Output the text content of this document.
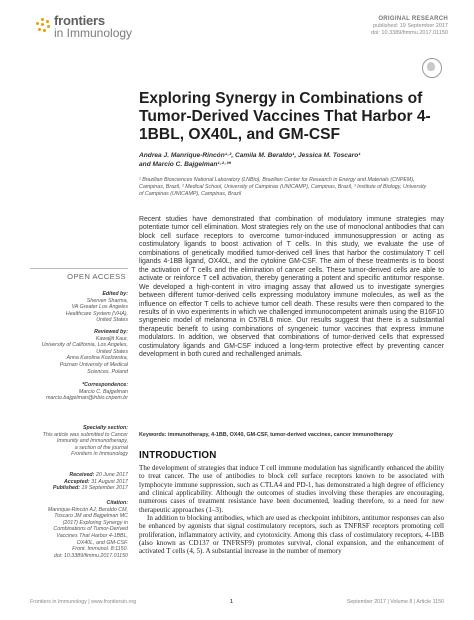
frontiers
in Immunology
ORIGINAL RESEARCH
published: 19 September 2017
doi: 10.3389/fimmu.2017.01150
Exploring Synergy in Combinations of Tumor-Derived Vaccines That Harbor 4-1BBL, OX40L, and GM-CSF
Andrea J. Manrique-Rincón¹·², Camila M. Beraldo¹, Jessica M. Toscaro¹
and Marcio C. Bajgelman¹·²·³*
¹ Brazilian Biosciences National Laboratory (LNBio), Brazilian Center for Research in Energy and Materials (CNPEM),
Campinas, Brazil, ² Medical School, University of Campinas (UNICAMP), Campinas, Brazil, ³ Institute of Biology, University
of Campinas (UNICAMP), Campinas, Brazil
Recent studies have demonstrated that combination of modulatory immune strategies may potentiate tumor cell elimination. Most strategies rely on the use of monoclonal antibodies that can block cell surface receptors to overcome tumor-induced immunosuppression or acting as costimulatory ligands to boost activation of T cells. In this study, we evaluate the use of combinations of genetically modified tumor-derived cell lines that harbor the costimulatory T cell ligands 4-1BB ligand, OX40L, and the cytokine GM-CSF. The aim of these treatments is to boost the activation of T cells and the elimination of cancer cells. These tumor-derived cells are able to activate or reinforce T cell activation, thereby generating a potent and specific antitumor response. We developed a high-content in vitro imaging assay that allowed us to investigate synergies between different tumor-derived cells expressing modulatory immune molecules, as well as the influence on effector T cells to achieve tumor cell death. These results were then compared to the results of in vivo experiments in which we challenged immunocompetent animals using the B16F10 syngeneic model of melanoma in C57BL6 mice. Our results suggest that there is a substantial therapeutic benefit to using combinations of syngeneic tumor vaccines that express immune modulators. In addition, we observed that combinations of tumor-derived cells that expressed costimulatory ligands and GM-CSF induced a long-term protective effect by preventing cancer development in both cured and rechallenged animals.
Keywords: immunotherapy, 4-1BB, OX40, GM-CSF, tumor-derived vaccines, cancer immunotherapy
INTRODUCTION

The development of strategies that induce T cell immune modulation has significantly enhanced the ability to treat cancer. The use of antibodies to block cell surface receptors known to be associated with lymphocyte immune suppression, such as CTLA4 and PD-1, has demonstrated a high degree of efficiency and clinical applicability. Although the outcomes of studies involving these therapies are encouraging, numerous cases of treatment resistance have been documented, leading therefore, to a need for new therapeutic approaches (1–3).

In addition to blocking antibodies, which are used as checkpoint inhibitors, antitumor responses can also be enhanced by agonists that signal costimulatory receptors, such as TNFRSF receptors promoting cell proliferation, inflammatory activity, and cytotoxicity. Among this class of costimulatory receptors, 4-1BB (also known as CD137 or TNFRSF9) promotes survival, clonal expansion, and the enhancement of activated T cells (4, 5). A substantial increase in the number of memory

OPEN ACCESS
Edited by:
Sherven Sharma,
VA Greater Los Angeles
Healthcare System (VHA),
United States
Reviewed by:
Kawaljit Kaur,
University of California, Los Angeles,
United States
Anna Karolina Kozlowska,
Poznan University of Medical
Sciences, Poland
*Correspondence:
Marcio C. Bajgelman
marcio.bajgelman@lnbio.cnpem.br
Specialty section:
This article was submitted to Cancer
Immunity and Immunotherapy,
a section of the journal
Frontiers in Immunology
Received: 20 June 2017
Accepted: 31 August 2017
Published: 19 September 2017
Citation:
Manrique-Rincón AJ, Beraldo CM,
Toscaro JM and Bajgelman MC
(2017) Exploring Synergy in
Combinations of Tumor-Derived
Vaccines That Harbor 4-1BBL,
OX40L, and GM-CSF.
Front. Immunol. 8:1150.
doi: 10.3389/fimmu.2017.01150
Frontiers in Immunology | www.frontiersin.org	1	September 2017 | Volume 8 | Article 1150
